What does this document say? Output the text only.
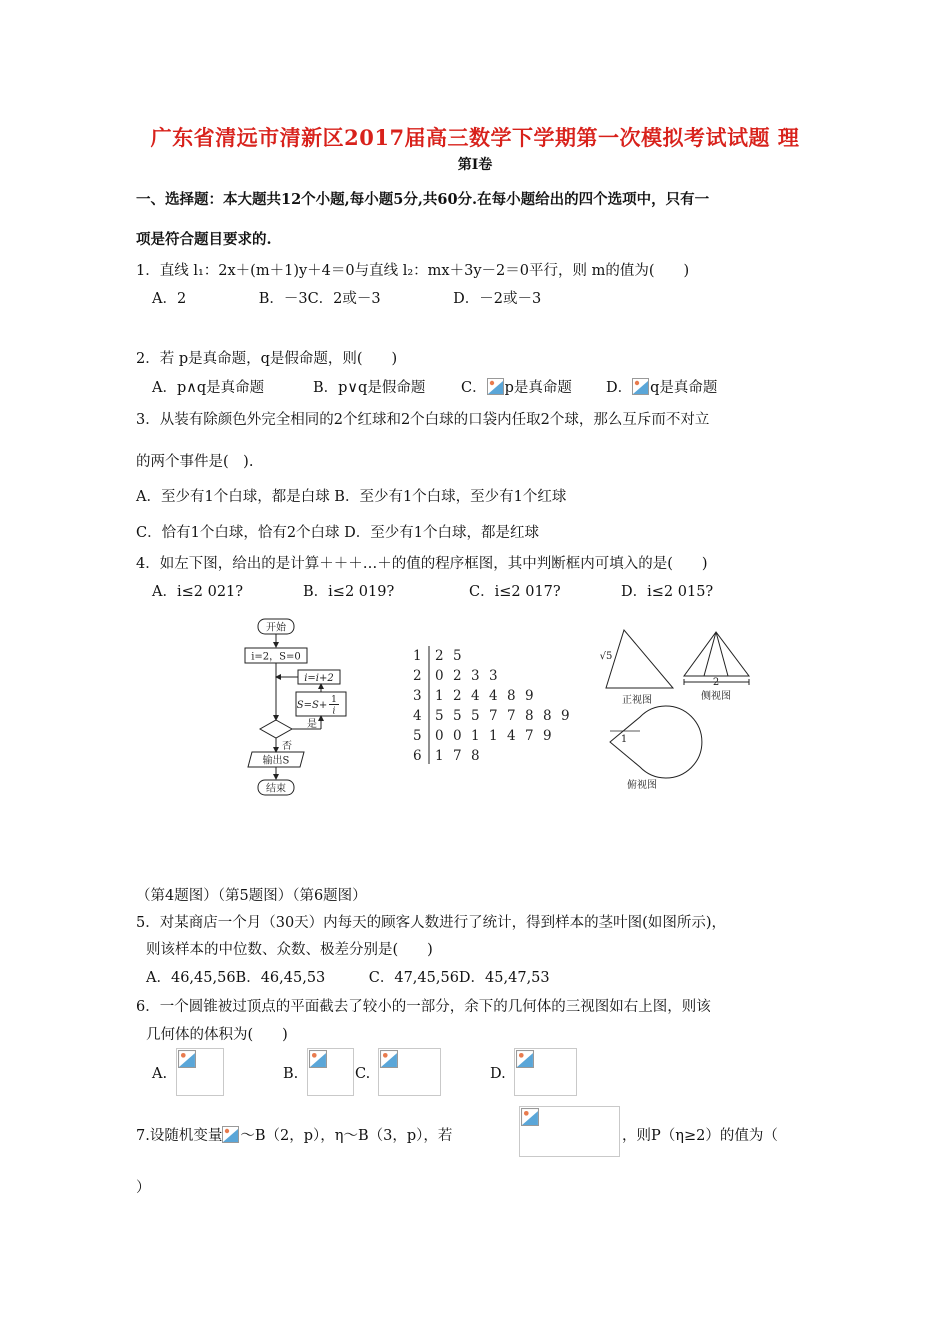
广东省清远市清新区2017届高三数学下学期第一次模拟考试试题 理
第Ⅰ卷
一、选择题：本大题共12个小题,每小题5分,共60分.在每小题给出的四个选项中，只有一
项是符合题目要求的.
1．直线 l₁：2x＋(m＋1)y＋4＝0与直线 l₂：mx＋3y－2＝0平行，则 m的值为(　　)
A．2　　　　　B．－3C．2或－3　　　　　D．－2或－3
2．若 p是真命题，q是假命题，则(　　)
A．p∧q是真命题	B．p∨q是假命题 C． p是真命题 D． q是真命题
3．从装有除颜色外完全相同的2个红球和2个白球的口袋内任取2个球，那么互斥而不对立
的两个事件是(　).
A．至少有1个白球，都是白球 B．至少有1个白球，至少有1个红球
C．恰有1个白球，恰有2个白球 D．至少有1个白球，都是红球
4．如左下图，给出的是计算＋＋＋…＋的值的程序框图，其中判断框内可填入的是(　　)
A．i≤2 021?	B．i≤2 019?	C．i≤2 017?	D．i≤2 015?
开始
i=2，S=0
i=i+2
S=S+ 1
i
是
否
输出S
结束
1 2 5
2 0 2 3 3
3 1 2 4 4 8 9
4 5 5 5 7 7 8 8 9
5 0 0 1 1 4 7 9
6 1 7 8
√5
正视图
2
侧视图
1
俯视图
（第4题图）（第5题图）（第6题图）
5．对某商店一个月（30天）内每天的顾客人数进行了统计，得到样本的茎叶图(如图所示)，
则该样本的中位数、众数、极差分别是(　　)
A．46,45,56B．46,45,53　　　C．47,45,56D．45,47,53
6．一个圆锥被过顶点的平面截去了较小的一部分，余下的几何体的三视图如右上图，则该
几何体的体积为(　　)
A.	B.	C.	D.
7.设随机变量 ～B（2，p），η～B（3，p），若	，则P（η≥2）的值为（
）
